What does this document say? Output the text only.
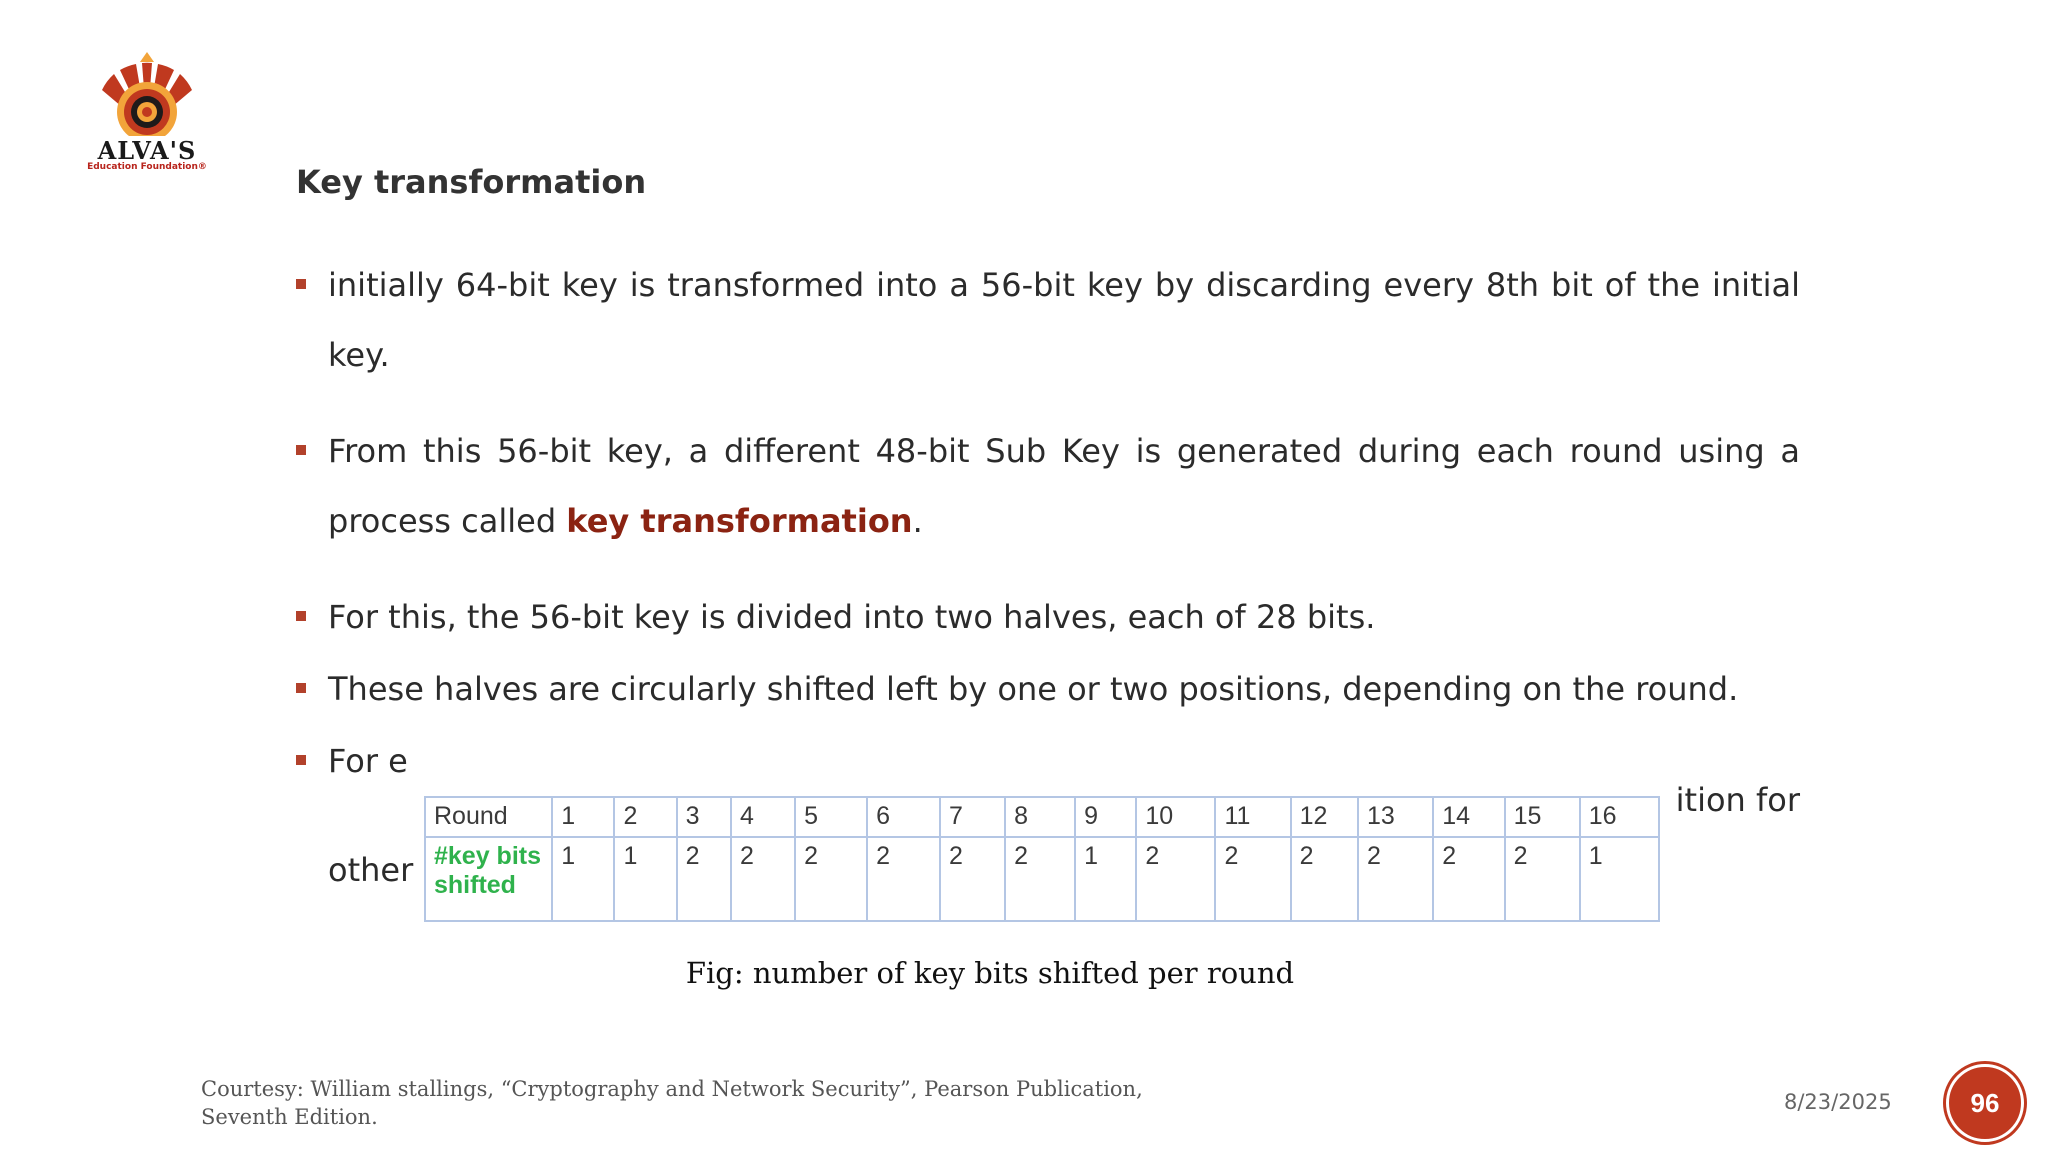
ALVA'S
Education Foundation®	Key transformation
initially 64-bit key is transformed into a 56-bit key by discarding every 8th bit of the initial key.
From this 56-bit key, a different 48-bit Sub Key is generated during each round using a process called key transformation.
For this, the 56-bit key is divided into two halves, each of 28 bits.
These halves are circularly shifted left by one or two positions, depending on the round.
For e
ition for
other
Round	1	2	3	4	5	6	7	8	9	10	11	12	13	14	15	16
#key bits shifted	1	1	2	2	2	2	2	2	1	2	2	2	2	2	2	1
Fig: number of key bits shifted per round
Courtesy: William stallings, “Cryptography and Network Security”, Pearson Publication,
Seventh Edition.
8/23/2025	96
